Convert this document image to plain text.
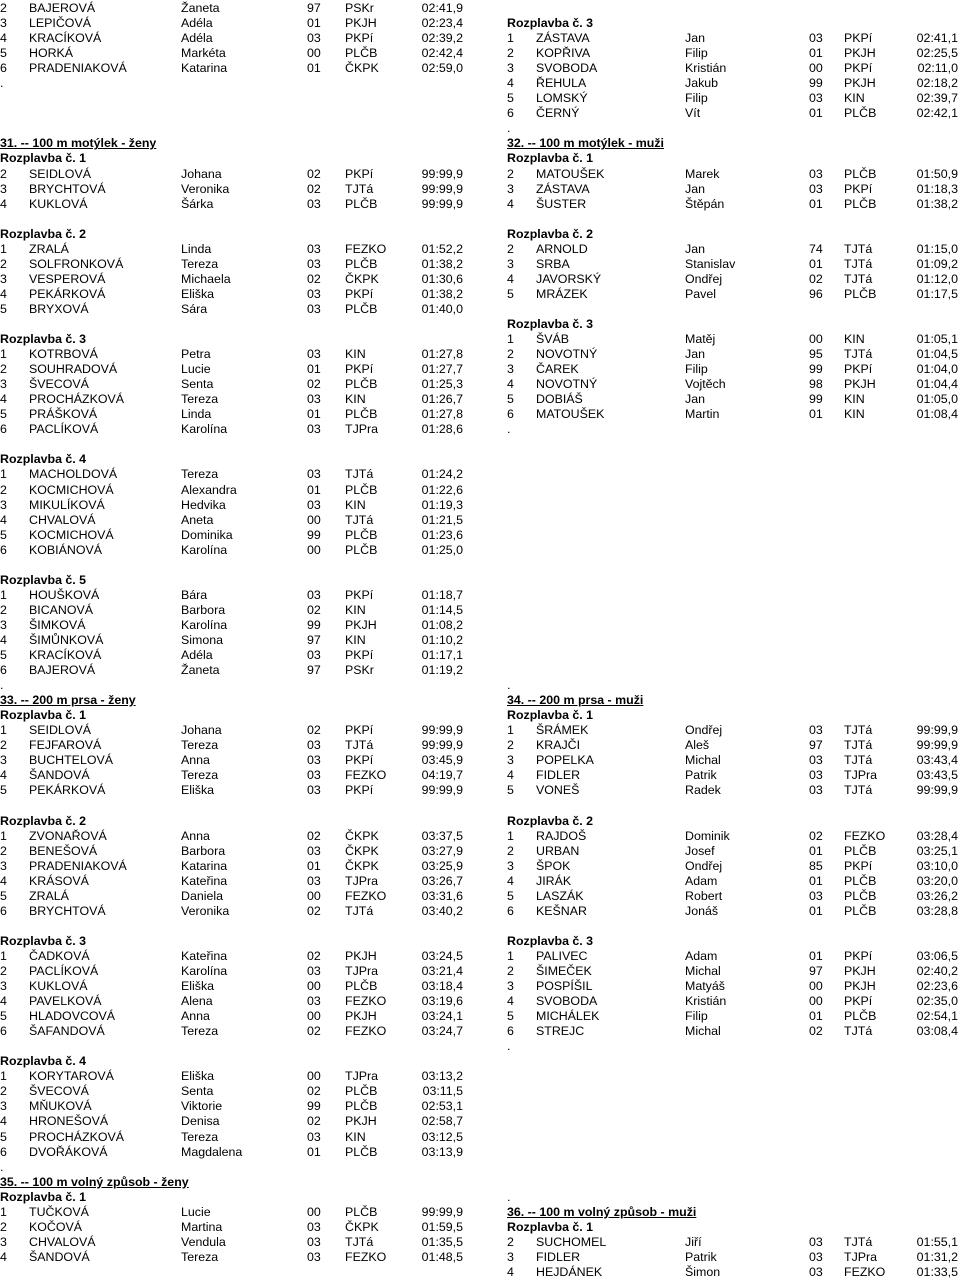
2 BAJEROVÁ	Žaneta	97 PSKr	02:41,9
3 LEPIČOVÁ	Adéla	01 PKJH	02:23,4
4 KRACÍKOVÁ	Adéla	03 PKPí	02:39,2
5 HORKÁ	Markéta	00 PLČB	02:42,4
6 PRADENIAKOVÁ	Katarina	01 ČKPK	02:59,0
.
31. -- 100 m motýlek - ženy
Rozplavba č. 1
2 SEIDLOVÁ	Johana	02 PKPí	99:99,9
3 BRYCHTOVÁ	Veronika	02 TJTá	99:99,9
4 KUKLOVÁ	Šárka	03 PLČB	99:99,9
Rozplavba č. 2
1 ZRALÁ	Linda	03 FEZKO	01:52,2
2 SOLFRONKOVÁ	Tereza	03 PLČB	01:38,2
3 VESPEROVÁ	Michaela	02 ČKPK	01:30,6
4 PEKÁRKOVÁ	Eliška	03 PKPí	01:38,2
5 BRYXOVÁ	Sára	03 PLČB	01:40,0
Rozplavba č. 3
1 KOTRBOVÁ	Petra	03 KIN	01:27,8
2 SOUHRADOVÁ	Lucie	01 PKPí	01:27,7
3 ŠVECOVÁ	Senta	02 PLČB	01:25,3
4 PROCHÁZKOVÁ	Tereza	03 KIN	01:26,7
5 PRÁŠKOVÁ	Linda	01 PLČB	01:27,8
6 PACLÍKOVÁ	Karolína	03 TJPra	01:28,6
Rozplavba č. 4
1 MACHOLDOVÁ	Tereza	03 TJTá	01:24,2
2 KOCMICHOVÁ	Alexandra	01 PLČB	01:22,6
3 MIKULÍKOVÁ	Hedvika	03 KIN	01:19,3
4 CHVALOVÁ	Aneta	00 TJTá	01:21,5
5 KOCMICHOVÁ	Dominika	99 PLČB	01:23,6
6 KOBIÁNOVÁ	Karolína	00 PLČB	01:25,0
Rozplavba č. 5
1 HOUŠKOVÁ	Bára	03 PKPí	01:18,7
2 BICANOVÁ	Barbora	02 KIN	01:14,5
3 ŠIMKOVÁ	Karolína	99 PKJH	01:08,2
4 ŠIMŮNKOVÁ	Simona	97 KIN	01:10,2
5 KRACÍKOVÁ	Adéla	03 PKPí	01:17,1
6 BAJEROVÁ	Žaneta	97 PSKr	01:19,2
.
33. -- 200 m prsa - ženy
Rozplavba č. 1
1 SEIDLOVÁ	Johana	02 PKPí	99:99,9
2 FEJFAROVÁ	Tereza	03 TJTá	99:99,9
3 BUCHTELOVÁ	Anna	03 PKPí	03:45,9
4 ŠANDOVÁ	Tereza	03 FEZKO	04:19,7
5 PEKÁRKOVÁ	Eliška	03 PKPí	99:99,9
Rozplavba č. 2
1 ZVONAŘOVÁ	Anna	02 ČKPK	03:37,5
2 BENEŠOVÁ	Barbora	03 ČKPK	03:27,9
3 PRADENIAKOVÁ	Katarina	01 ČKPK	03:25,9
4 KRÁSOVÁ	Kateřina	03 TJPra	03:26,7
5 ZRALÁ	Daniela	00 FEZKO	03:31,6
6 BRYCHTOVÁ	Veronika	02 TJTá	03:40,2
Rozplavba č. 3
1 ČADKOVÁ	Kateřina	02 PKJH	03:24,5
2 PACLÍKOVÁ	Karolína	03 TJPra	03:21,4
3 KUKLOVÁ	Eliška	00 PLČB	03:18,4
4 PAVELKOVÁ	Alena	03 FEZKO	03:19,6
5 HLADOVCOVÁ	Anna	00 PKJH	03:24,1
6 ŠAFANDOVÁ	Tereza	02 FEZKO	03:24,7
Rozplavba č. 4
1 KORYTAROVÁ	Eliška	00 TJPra	03:13,2
2 ŠVECOVÁ	Senta	02 PLČB	03:11,5
3 MŇUKOVÁ	Viktorie	99 PLČB	02:53,1
4 HRONEŠOVÁ	Denisa	02 PKJH	02:58,7
5 PROCHÁZKOVÁ	Tereza	03 KIN	03:12,5
6 DVOŘÁKOVÁ	Magdalena	01 PLČB	03:13,9
.
35. -- 100 m volný způsob - ženy
Rozplavba č. 1
1 TUČKOVÁ	Lucie	00 PLČB	99:99,9
2 KOČOVÁ	Martina	03 ČKPK	01:59,5
3 CHVALOVÁ	Vendula	03 TJTá	01:35,5
4 ŠANDOVÁ	Tereza	03 FEZKO	01:48,5
Rozplavba č. 3
1 ZÁSTAVA	Jan	03 PKPí	02:41,1
2 KOPŘIVA	Filip	01 PKJH	02:25,5
3 SVOBODA	Kristián	00 PKPí	02:11,0
4 ŘEHULA	Jakub	99 PKJH	02:18,2
5 LOMSKÝ	Filip	03 KIN	02:39,7
6 ČERNÝ	Vít	01 PLČB	02:42,1
.
32. -- 100 m motýlek - muži
Rozplavba č. 1
2 MATOUŠEK	Marek	03 PLČB	01:50,9
3 ZÁSTAVA	Jan	03 PKPí	01:18,3
4 ŠUSTER	Štěpán	01 PLČB	01:38,2
Rozplavba č. 2
2 ARNOLD	Jan	74 TJTá	01:15,0
3 SRBA	Stanislav	01 TJTá	01:09,2
4 JAVORSKÝ	Ondřej	02 TJTá	01:12,0
5 MRÁZEK	Pavel	96 PLČB	01:17,5
Rozplavba č. 3
1 ŠVÁB	Matěj	00 KIN	01:05,1
2 NOVOTNÝ	Jan	95 TJTá	01:04,5
3 ČAREK	Filip	99 PKPí	01:04,0
4 NOVOTNÝ	Vojtěch	98 PKJH	01:04,4
5 DOBIÁŠ	Jan	99 KIN	01:05,0
6 MATOUŠEK	Martin	01 KIN	01:08,4
.
.
34. -- 200 m prsa - muži
Rozplavba č. 1
1 ŠRÁMEK	Ondřej	03 TJTá	99:99,9
2 KRAJČI	Aleš	97 TJTá	99:99,9
3 POPELKA	Michal	03 TJTá	03:43,4
4 FIDLER	Patrik	03 TJPra	03:43,5
5 VONEŠ	Radek	03 TJTá	99:99,9
Rozplavba č. 2
1 RAJDOŠ	Dominik	02 FEZKO	03:28,4
2 URBAN	Josef	01 PLČB	03:25,1
3 ŠPOK	Ondřej	85 PKPí	03:10,0
4 JIRÁK	Adam	01 PLČB	03:20,0
5 LASZÁK	Robert	03 PLČB	03:26,2
6 KEŠNAR	Jonáš	01 PLČB	03:28,8
Rozplavba č. 3
1 PALIVEC	Adam	01 PKPí	03:06,5
2 ŠIMEČEK	Michal	97 PKJH	02:40,2
3 POSPÍŠIL	Matyáš	00 PKJH	02:23,6
4 SVOBODA	Kristián	00 PKPí	02:35,0
5 MICHÁLEK	Filip	01 PLČB	02:54,1
6 STREJC	Michal	02 TJTá	03:08,4
.
.
36. -- 100 m volný způsob - muži
Rozplavba č. 1
2 SUCHOMEL	Jiří	03 TJTá	01:55,1
3 FIDLER	Patrik	03 TJPra	01:31,2
4 HEJDÁNEK	Šimon	03 FEZKO	01:33,5
